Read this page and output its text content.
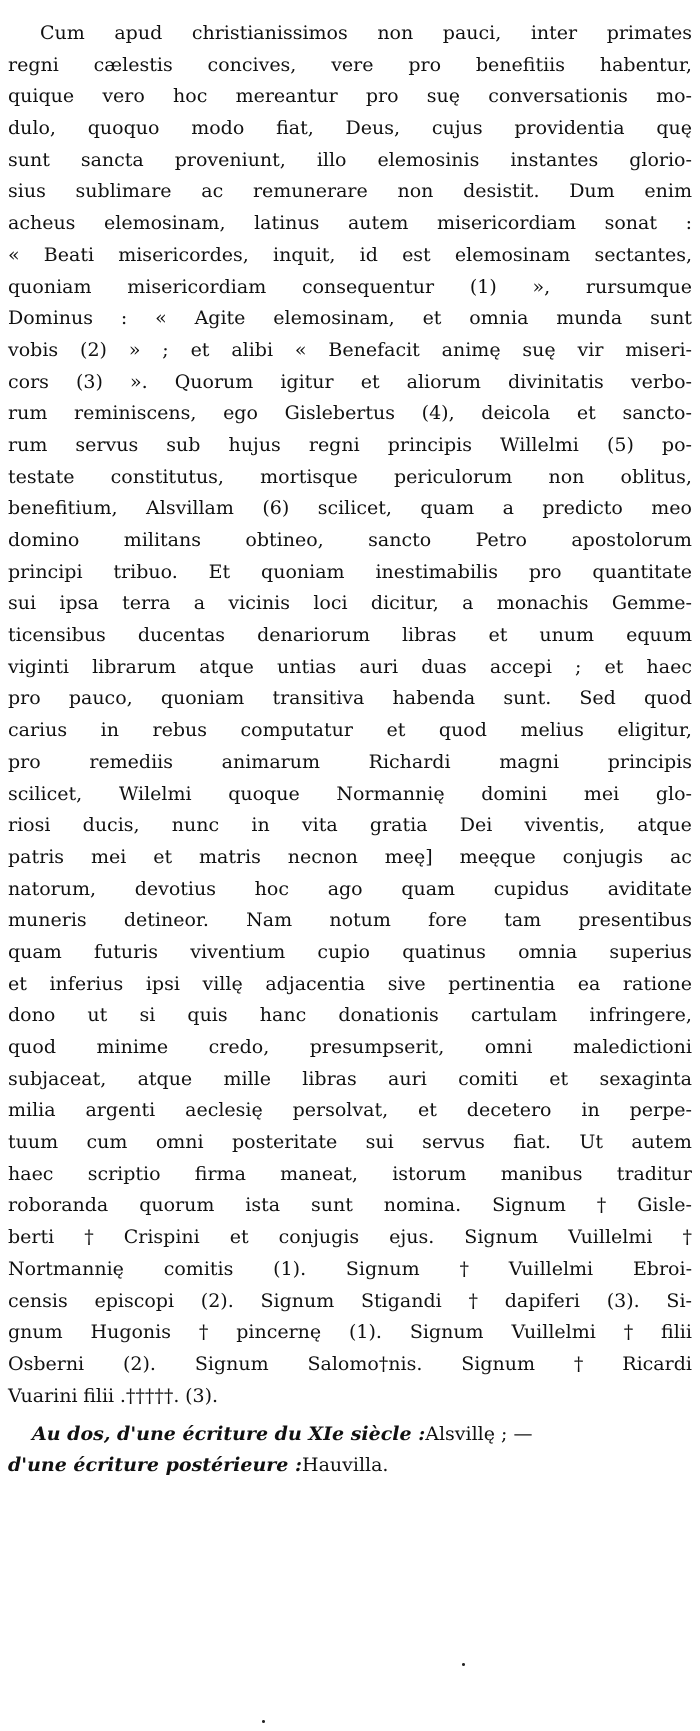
Cum apud christianissimos non pauci, inter primates
regni cælestis concives, vere pro benefitiis habentur,
quique vero hoc mereantur pro suę conversationis mo-
dulo, quoquo modo fiat, Deus, cujus providentia quę
sunt sancta proveniunt, illo elemosinis instantes glorio-
sius sublimare ac remunerare non desistit. Dum enim
acheus elemosinam, latinus autem misericordiam sonat :
« Beati misericordes, inquit, id est elemosinam sectantes,
quoniam misericordiam consequentur (1) », rursumque
Dominus : « Agite elemosinam, et omnia munda sunt
vobis (2) » ; et alibi « Benefacit animę suę vir miseri-
cors (3) ». Quorum igitur et aliorum divinitatis verbo-
rum reminiscens, ego Gislebertus (4), deicola et sancto-
rum servus sub hujus regni principis Willelmi (5) po-
testate constitutus, mortisque periculorum non oblitus,
benefitium, Alsvillam (6) scilicet, quam a predicto meo
domino militans obtineo, sancto Petro apostolorum
principi tribuo. Et quoniam inestimabilis pro quantitate
sui ipsa terra a vicinis loci dicitur, a monachis Gemme-
ticensibus ducentas denariorum libras et unum equum
viginti librarum atque untias auri duas accepi ; et haec
pro pauco, quoniam transitiva habenda sunt. Sed quod
carius in rebus computatur et quod melius eligitur,
pro	remediis	animarum	Richardi	magni	principis
scilicet, Wilelmi quoque Normannię domini mei glo-
riosi ducis, nunc in vita gratia Dei viventis, atque
patris mei et matris necnon meę] meęque conjugis ac
natorum, devotius hoc ago quam cupidus aviditate
muneris detineor. Nam notum fore tam presentibus
quam futuris viventium cupio quatinus omnia superius
et inferius ipsi villę adjacentia sive pertinentia ea ratione
dono ut si quis hanc donationis cartulam infringere,
quod minime credo, presumpserit, omni maledictioni
subjaceat, atque mille libras auri comiti et sexaginta
milia argenti aeclesię persolvat, et decetero in perpe-
tuum cum omni posteritate sui servus fiat. Ut autem
haec scriptio firma maneat, istorum manibus traditur
roboranda quorum ista sunt nomina. Signum † Gisle-
berti † Crispini et conjugis ejus. Signum Vuillelmi †
Nortmannię comitis (1). Signum † Vuillelmi Ebroi-
censis episcopi (2). Signum Stigandi † dapiferi (3). Si-
gnum Hugonis † pincernę (1). Signum Vuillelmi † filii
Osberni (2). Signum Salomo†nis. Signum † Ricardi
Vuarini filii .†††††. (3).
Au dos, d'une écriture du XIe siècle : Alsvillę ; —
d'une écriture postérieure : Hauvilla.
